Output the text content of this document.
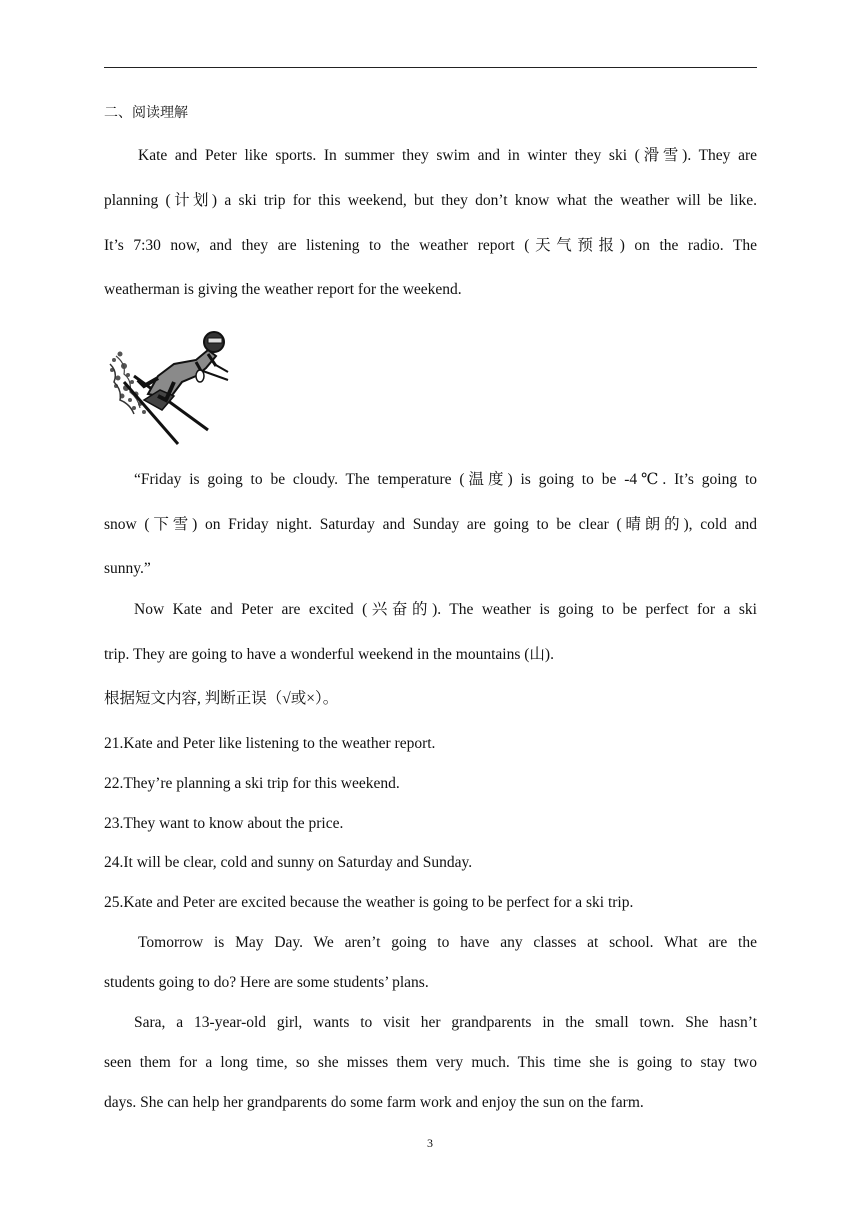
二、阅读理解
Kate and Peter like sports. In summer they swim and in winter they ski (滑雪). They are
planning (计划) a ski trip for this weekend, but they don’t know what the weather will be like.
It’s 7:30 now, and they are listening to the weather report (天气预报) on the radio. The
weatherman is giving the weather report for the weekend.
“Friday is going to be cloudy. The temperature (温度) is going to be -4℃. It’s going to
snow (下雪) on Friday night. Saturday and Sunday are going to be clear (晴朗的), cold and
sunny.”
Now Kate and Peter are excited (兴奋的). The weather is going to be perfect for a ski
trip. They are going to have a wonderful weekend in the mountains (山).
根据短文内容, 判断正误（√或×）。
21.Kate and Peter like listening to the weather report.
22.They’re planning a ski trip for this weekend.
23.They want to know about the price.
24.It will be clear, cold and sunny on Saturday and Sunday.
25.Kate and Peter are excited because the weather is going to be perfect for a ski trip.
Tomorrow is May Day. We aren’t going to have any classes at school. What are the
students going to do? Here are some students’ plans.
Sara, a 13-year-old girl, wants to visit her grandparents in the small town. She hasn’t
seen them for a long time, so she misses them very much. This time she is going to stay two
days. She can help her grandparents do some farm work and enjoy the sun on the farm.
3
